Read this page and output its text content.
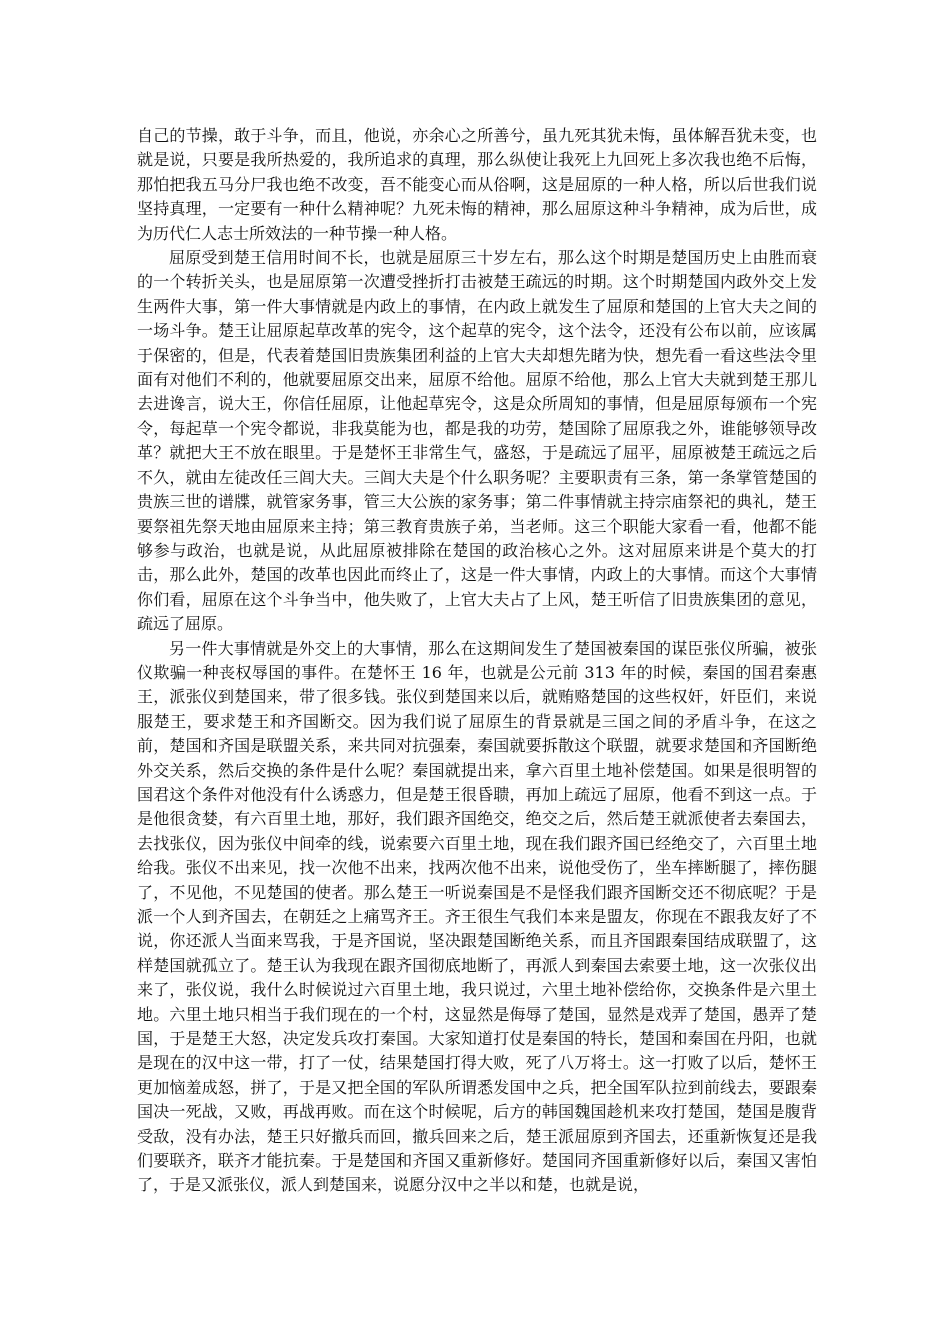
自己的节操，敢于斗争，而且，他说，亦余心之所善兮，虽九死其犹未悔，虽体解吾犹未变，也就是说，只要是我所热爱的，我所追求的真理，那么纵使让我死上九回死上多次我也绝不后悔，那怕把我五马分尸我也绝不改变，吾不能变心而从俗啊，这是屈原的一种人格，所以后世我们说坚持真理，一定要有一种什么精神呢？九死未悔的精神，那么屈原这种斗争精神，成为后世，成为历代仁人志士所效法的一种节操一种人格。

屈原受到楚王信用时间不长，也就是屈原三十岁左右，那么这个时期是楚国历史上由胜而衰的一个转折关头，也是屈原第一次遭受挫折打击被楚王疏远的时期。这个时期楚国内政外交上发生两件大事，第一件大事情就是内政上的事情，在内政上就发生了屈原和楚国的上官大夫之间的一场斗争。楚王让屈原起草改革的宪令，这个起草的宪令，这个法令，还没有公布以前，应该属于保密的，但是，代表着楚国旧贵族集团利益的上官大夫却想先睹为快，想先看一看这些法令里面有对他们不利的，他就要屈原交出来，屈原不给他。屈原不给他，那么上官大夫就到楚王那儿去进谗言，说大王，你信任屈原，让他起草宪令，这是众所周知的事情，但是屈原每颁布一个宪令，每起草一个宪令都说，非我莫能为也，都是我的功劳，楚国除了屈原我之外，谁能够领导改革？就把大王不放在眼里。于是楚怀王非常生气，盛怒，于是疏远了屈平，屈原被楚王疏远之后不久，就由左徒改任三闾大夫。三闾大夫是个什么职务呢？主要职责有三条，第一条掌管楚国的贵族三世的谱牒，就管家务事，管三大公族的家务事；第二件事情就主持宗庙祭祀的典礼，楚王要祭祖先祭天地由屈原来主持；第三教育贵族子弟，当老师。这三个职能大家看一看，他都不能够参与政治，也就是说，从此屈原被排除在楚国的政治核心之外。这对屈原来讲是个莫大的打击，那么此外，楚国的改革也因此而终止了，这是一件大事情，内政上的大事情。而这个大事情你们看，屈原在这个斗争当中，他失败了，上官大夫占了上风，楚王听信了旧贵族集团的意见，疏远了屈原。

另一件大事情就是外交上的大事情，那么在这期间发生了楚国被秦国的谋臣张仪所骗，被张仪欺骗一种丧权辱国的事件。在楚怀王 16 年，也就是公元前 313 年的时候，秦国的国君秦惠王，派张仪到楚国来，带了很多钱。张仪到楚国来以后，就贿赂楚国的这些权奸，奸臣们，来说服楚王，要求楚王和齐国断交。因为我们说了屈原生的背景就是三国之间的矛盾斗争，在这之前，楚国和齐国是联盟关系，来共同对抗强秦，秦国就要拆散这个联盟，就要求楚国和齐国断绝外交关系，然后交换的条件是什么呢？秦国就提出来，拿六百里土地补偿楚国。如果是很明智的国君这个条件对他没有什么诱惑力，但是楚王很昏聩，再加上疏远了屈原，他看不到这一点。于是他很贪婪，有六百里土地，那好，我们跟齐国绝交，绝交之后，然后楚王就派使者去秦国去，去找张仪，因为张仪中间牵的线，说索要六百里土地，现在我们跟齐国已经绝交了，六百里土地给我。张仪不出来见，找一次他不出来，找两次他不出来，说他受伤了，坐车摔断腿了，摔伤腿了，不见他，不见楚国的使者。那么楚王一听说秦国是不是怪我们跟齐国断交还不彻底呢？于是派一个人到齐国去，在朝廷之上痛骂齐王。齐王很生气我们本来是盟友，你现在不跟我友好了不说，你还派人当面来骂我，于是齐国说，坚决跟楚国断绝关系，而且齐国跟秦国结成联盟了，这样楚国就孤立了。楚王认为我现在跟齐国彻底地断了，再派人到秦国去索要土地，这一次张仪出来了，张仪说，我什么时候说过六百里土地，我只说过，六里土地补偿给你，交换条件是六里土地。六里土地只相当于我们现在的一个村，这显然是侮辱了楚国，显然是戏弄了楚国，愚弄了楚国，于是楚王大怒，决定发兵攻打秦国。大家知道打仗是秦国的特长，楚国和秦国在丹阳，也就是现在的汉中这一带，打了一仗，结果楚国打得大败，死了八万将士。这一打败了以后，楚怀王更加恼羞成怒，拼了，于是又把全国的军队所谓悉发国中之兵，把全国军队拉到前线去，要跟秦国决一死战，又败，再战再败。而在这个时候呢，后方的韩国魏国趁机来攻打楚国，楚国是腹背受敌，没有办法，楚王只好撤兵而回，撤兵回来之后，楚王派屈原到齐国去，还重新恢复还是我们要联齐，联齐才能抗秦。于是楚国和齐国又重新修好。楚国同齐国重新修好以后，秦国又害怕了，于是又派张仪，派人到楚国来，说愿分汉中之半以和楚，也就是说，
